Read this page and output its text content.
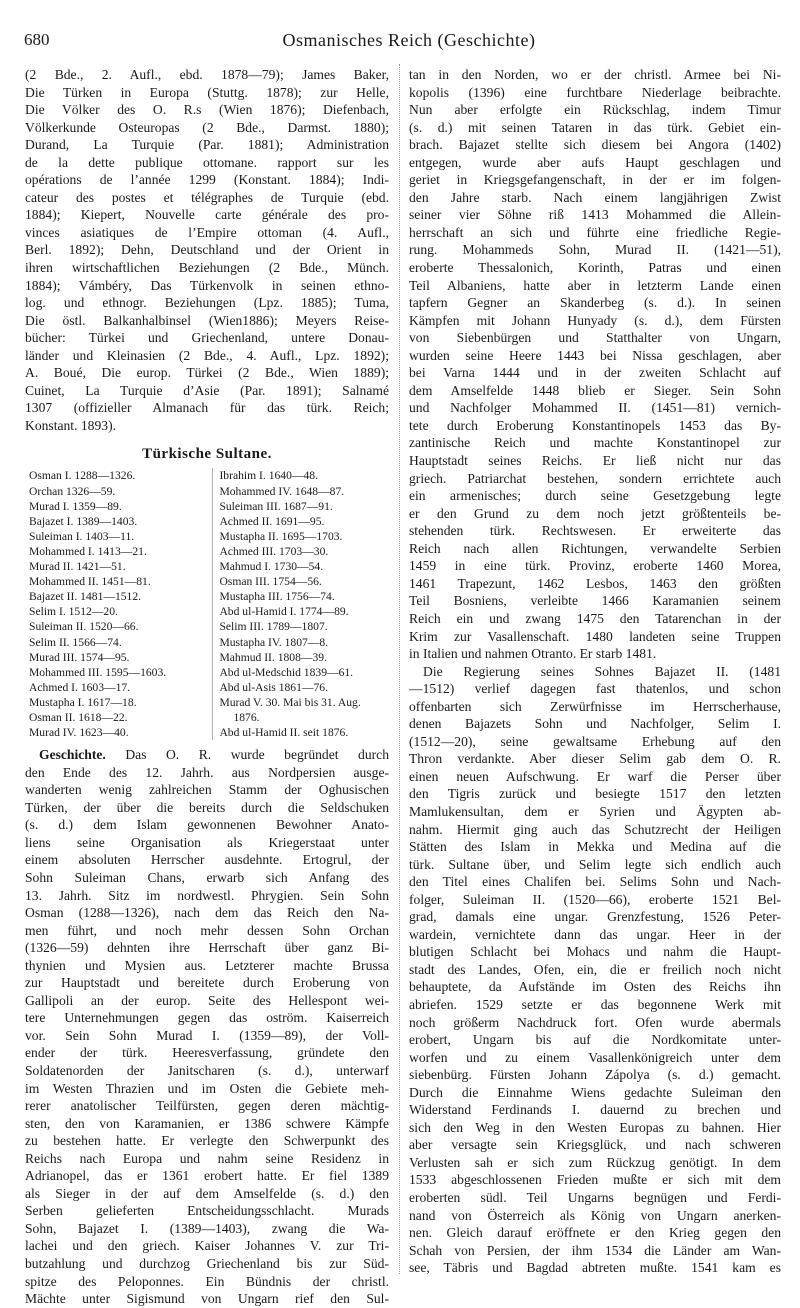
680	Osmanisches Reich (Geschichte)
(2 Bde., 2. Aufl., ebd. 1878—79); James Baker,
Die Türken in Europa (Stuttg. 1878); zur Helle,
Die Völker des O. R.s (Wien 1876); Diefenbach,
Völkerkunde Osteuropas (2 Bde., Darmst. 1880);
Durand, La Turquie (Par. 1881); Administration
de la dette publique ottomane. rapport sur les
opérations de l’année 1299 (Konstant. 1884); Indi-
cateur des postes et télégraphes de Turquie (ebd.
1884); Kiepert, Nouvelle carte générale des pro-
vinces asiatiques de l’Empire ottoman (4. Aufl.,
Berl. 1892); Dehn, Deutschland und der Orient in
ihren wirtschaftlichen Beziehungen (2 Bde., Münch.
1884); Vámbéry, Das Türkenvolk in seinen ethno-
log. und ethnogr. Beziehungen (Lpz. 1885); Tuma,
Die östl. Balkanhalbinsel (Wien1886); Meyers Reise-
bücher: Türkei und Griechenland, untere Donau-
länder und Kleinasien (2 Bde., 4. Aufl., Lpz. 1892);
A. Boué, Die europ. Türkei (2 Bde., Wien 1889);
Cuinet, La Turquie d’Asie (Par. 1891); Salnamé
1307 (offizieller Almanach für das türk. Reich;
Konstant. 1893).
Türkische Sultane.
Osman I. 1288—1326.
Orchan 1326—59.
Murad I. 1359—89.
Bajazet I. 1389—1403.
Suleiman I. 1403—11.
Mohammed I. 1413—21.
Murad II. 1421—51.
Mohammed II. 1451—81.
Bajazet II. 1481—1512.
Selim I. 1512—20.
Suleiman II. 1520—66.
Selim II. 1566—74.
Murad III. 1574—95.
Mohammed III. 1595—1603.
Achmed I. 1603—17.
Mustapha I. 1617—18.
Osman II. 1618—22.
Murad IV. 1623—40.
Ibrahim I. 1640—48.
Mohammed IV. 1648—87.
Suleiman III. 1687—91.
Achmed II. 1691—95.
Mustapha II. 1695—1703.
Achmed III. 1703—30.
Mahmud I. 1730—54.
Osman III. 1754—56.
Mustapha III. 1756—74.
Abd ul-Hamid I. 1774—89.
Selim III. 1789—1807.
Mustapha IV. 1807—8.
Mahmud II. 1808—39.
Abd ul-Medschid 1839—61.
Abd ul-Asis 1861—76.
Murad V. 30. Mai bis 31. Aug.
1876.
Abd ul-Hamid II. seit 1876.
Geschichte. Das O. R. wurde begründet durch
den Ende des 12. Jahrh. aus Nordpersien ausge-
wanderten wenig zahlreichen Stamm der Oghusischen
Türken, der über die bereits durch die Seldschuken
(s. d.) dem Islam gewonnenen Bewohner Anato-
liens seine Organisation als Kriegerstaat unter
einem absoluten Herrscher ausdehnte. Ertogrul, der
Sohn Suleiman Chans, erwarb sich Anfang des
13. Jahrh. Sitz im nordwestl. Phrygien. Sein Sohn
Osman (1288—1326), nach dem das Reich den Na-
men führt, und noch mehr dessen Sohn Orchan
(1326—59) dehnten ihre Herrschaft über ganz Bi-
thynien und Mysien aus. Letzterer machte Brussa
zur Hauptstadt und bereitete durch Eroberung von
Gallipoli an der europ. Seite des Hellespont wei-
tere Unternehmungen gegen das oström. Kaiserreich
vor. Sein Sohn Murad I. (1359—89), der Voll-
ender der türk. Heeresverfassung, gründete den
Soldatenorden der Janitscharen (s. d.), unterwarf
im Westen Thrazien und im Osten die Gebiete meh-
rerer anatolischer Teilfürsten, gegen deren mächtig-
sten, den von Karamanien, er 1386 schwere Kämpfe
zu bestehen hatte. Er verlegte den Schwerpunkt des
Reichs nach Europa und nahm seine Residenz in
Adrianopel, das er 1361 erobert hatte. Er fiel 1389
als Sieger in der auf dem Amselfelde (s. d.) den
Serben gelieferten Entscheidungsschlacht. Murads
Sohn, Bajazet I. (1389—1403), zwang die Wa-
lachei und den griech. Kaiser Johannes V. zur Tri-
butzahlung und durchzog Griechenland bis zur Süd-
spitze des Peloponnes. Ein Bündnis der christl.
Mächte unter Sigismund von Ungarn rief den Sul-
tan in den Norden, wo er der christl. Armee bei Ni-
kopolis (1396) eine furchtbare Niederlage beibrachte.
Nun aber erfolgte ein Rückschlag, indem Timur
(s. d.) mit seinen Tataren in das türk. Gebiet ein-
brach. Bajazet stellte sich diesem bei Angora (1402)
entgegen, wurde aber aufs Haupt geschlagen und
geriet in Kriegsgefangenschaft, in der er im folgen-
den Jahre starb. Nach einem langjährigen Zwist
seiner vier Söhne riß 1413 Mohammed die Allein-
herrschaft an sich und führte eine friedliche Regie-
rung. Mohammeds Sohn, Murad II. (1421—51),
eroberte Thessalonich, Korinth, Patras und einen
Teil Albaniens, hatte aber in letzterm Lande einen
tapfern Gegner an Skanderbeg (s. d.). In seinen
Kämpfen mit Johann Hunyady (s. d.), dem Fürsten
von Siebenbürgen und Statthalter von Ungarn,
wurden seine Heere 1443 bei Nissa geschlagen, aber
bei Varna 1444 und in der zweiten Schlacht auf
dem Amselfelde 1448 blieb er Sieger. Sein Sohn
und Nachfolger Mohammed II. (1451—81) vernich-
tete durch Eroberung Konstantinopels 1453 das By-
zantinische Reich und machte Konstantinopel zur
Hauptstadt seines Reichs. Er ließ nicht nur das
griech. Patriarchat bestehen, sondern errichtete auch
ein armenisches; durch seine Gesetzgebung legte
er den Grund zu dem noch jetzt größtenteils be-
stehenden türk. Rechtswesen. Er erweiterte das
Reich nach allen Richtungen, verwandelte Serbien
1459 in eine türk. Provinz, eroberte 1460 Morea,
1461 Trapezunt, 1462 Lesbos, 1463 den größten
Teil Bosniens, verleibte 1466 Karamanien seinem
Reich ein und zwang 1475 den Tatarenchan in der
Krim zur Vasallenschaft. 1480 landeten seine Truppen
in Italien und nahmen Otranto. Er starb 1481.
Die Regierung seines Sohnes Bajazet II. (1481
—1512) verlief dagegen fast thatenlos, und schon
offenbarten sich Zerwürfnisse im Herrscherhause,
denen Bajazets Sohn und Nachfolger, Selim I.
(1512—20), seine gewaltsame Erhebung auf den
Thron verdankte. Aber dieser Selim gab dem O. R.
einen neuen Aufschwung. Er warf die Perser über
den Tigris zurück und besiegte 1517 den letzten
Mamlukensultan, dem er Syrien und Ägypten ab-
nahm. Hiermit ging auch das Schutzrecht der Heiligen
Stätten des Islam in Mekka und Medina auf die
türk. Sultane über, und Selim legte sich endlich auch
den Titel eines Chalifen bei. Selims Sohn und Nach-
folger, Suleiman II. (1520—66), eroberte 1521 Bel-
grad, damals eine ungar. Grenzfestung, 1526 Peter-
wardein, vernichtete dann das ungar. Heer in der
blutigen Schlacht bei Mohacs und nahm die Haupt-
stadt des Landes, Ofen, ein, die er freilich noch nicht
behauptete, da Aufstände im Osten des Reichs ihn
abriefen. 1529 setzte er das begonnene Werk mit
noch größerm Nachdruck fort. Ofen wurde abermals
erobert, Ungarn bis auf die Nordkomitate unter-
worfen und zu einem Vasallenkönigreich unter dem
siebenbürg. Fürsten Johann Zápolya (s. d.) gemacht.
Durch die Einnahme Wiens gedachte Suleiman den
Widerstand Ferdinands I. dauernd zu brechen und
sich den Weg in den Westen Europas zu bahnen. Hier
aber versagte sein Kriegsglück, und nach schweren
Verlusten sah er sich zum Rückzug genötigt. In dem
1533 abgeschlossenen Frieden mußte er sich mit dem
eroberten südl. Teil Ungarns begnügen und Ferdi-
nand von Österreich als König von Ungarn anerken-
nen. Gleich darauf eröffnete er den Krieg gegen den
Schah von Persien, der ihm 1534 die Länder am Wan-
see, Täbris und Bagdad abtreten mußte. 1541 kam es
